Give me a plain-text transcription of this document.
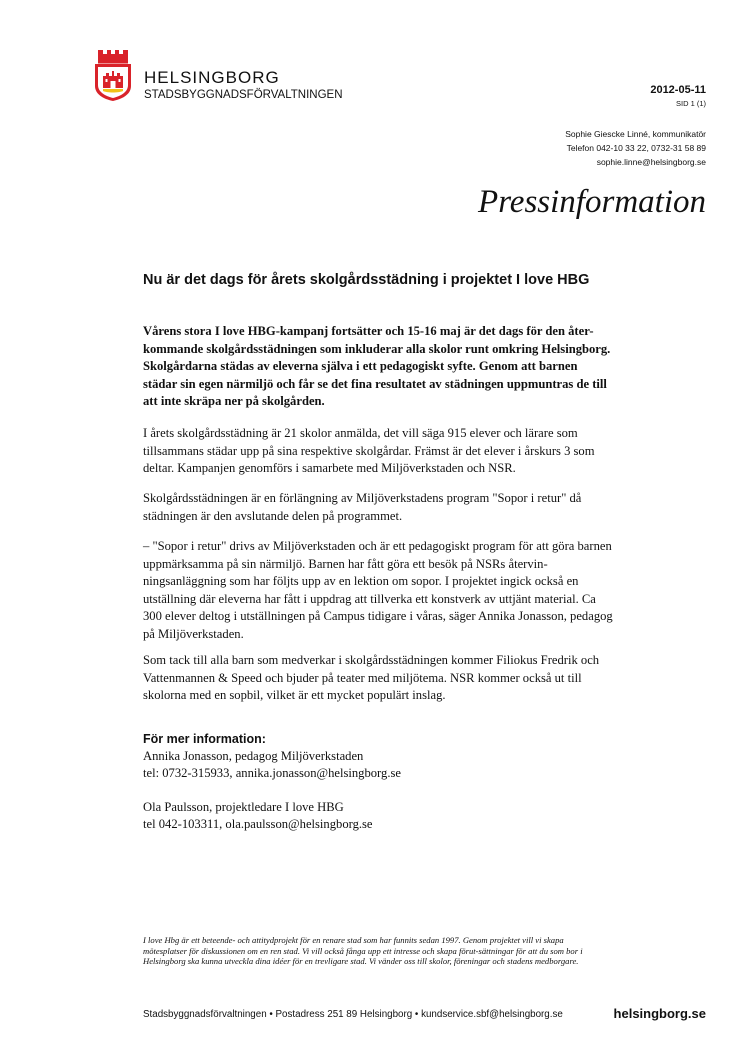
HELSINGBORG
STADSBYGGNADSFÖRVALTNINGEN	2012-05-11
SID 1 (1)
Sophie Giescke Linné, kommunikatör
Telefon 042-10 33 22, 0732-31 58 89
sophie.linne@helsingborg.se
Pressinformation
Nu är det dags för årets skolgårdsstädning i projektet I love HBG

Vårens stora I love HBG-kampanj fortsätter och 15-16 maj är det dags för den åter-kommande skolgårdsstädningen som inkluderar alla skolor runt omkring Helsingborg. Skolgårdarna städas av eleverna själva i ett pedagogiskt syfte. Genom att barnen städar sin egen närmiljö och får se det fina resultatet av städningen uppmuntras de till att inte skräpa ner på skolgården.

I årets skolgårdsstädning är 21 skolor anmälda, det vill säga 915 elever och lärare som tillsammans städar upp på sina respektive skolgårdar. Främst är det elever i årskurs 3 som deltar. Kampanjen genomförs i samarbete med Miljöverkstaden och NSR.

Skolgårdsstädningen är en förlängning av Miljöverkstadens program "Sopor i retur" då städningen är den avslutande delen på programmet.

– "Sopor i retur" drivs av Miljöverkstaden och är ett pedagogiskt program för att göra barnen uppmärksamma på sin närmiljö. Barnen har fått göra ett besök på NSRs återvin-ningsanläggning som har följts upp av en lektion om sopor. I projektet ingick också en utställning där eleverna har fått i uppdrag att tillverka ett konstverk av uttjänt material. Ca 300 elever deltog i utställningen på Campus tidigare i våras, säger Annika Jonasson, pedagog på Miljöverkstaden.

Som tack till alla barn som medverkar i skolgårdsstädningen kommer Filiokus Fredrik och Vattenmannen & Speed och bjuder på teater med miljötema. NSR kommer också ut till skolorna med en sopbil, vilket är ett mycket populärt inslag.

För mer information:
Annika Jonasson, pedagog Miljöverkstaden
tel: 0732-315933, annika.jonasson@helsingborg.se
Ola Paulsson, projektledare I love HBG
tel 042-103311, ola.paulsson@helsingborg.se
I love Hbg är ett beteende- och attitydprojekt för en renare stad som har funnits sedan 1997. Genom projektet vill vi skapa mötesplatser för diskussionen om en ren stad. Vi vill också fånga upp ett intresse och skapa förut-sättningar för att du som bor i Helsingborg ska kunna utveckla dina idéer för en trevligare stad. Vi vänder oss till skolor, föreningar och stadens medborgare.
Stadsbyggnadsförvaltningen • Postadress 251 89 Helsingborg • kundservice.sbf@helsingborg.se	helsingborg.se
